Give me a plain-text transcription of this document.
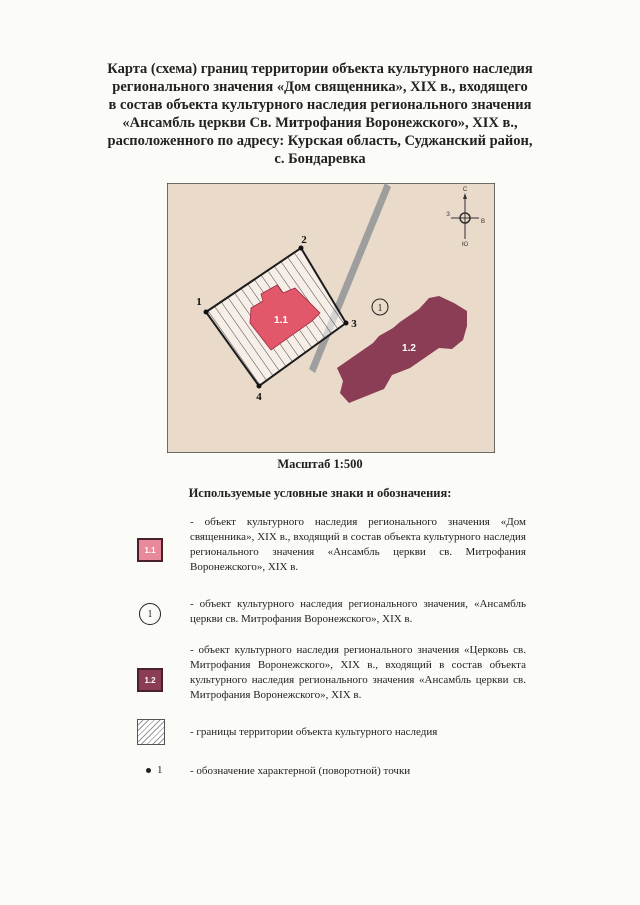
Карта (схема) границ территории объекта культурного наследия
регионального значения «Дом священника», XIX в., входящего
в состав объекта культурного наследия регионального значения
«Ансамбль церкви Св. Митрофания Воронежского», XIX в.,
расположенного по адресу: Курская область, Суджанский район,
с. Бондаревка
1.1
1.2
1
1
2
3
4
С
Ю
З
В
Масштаб 1:500
Используемые условные знаки и обозначения:
1.1
- объект культурного наследия регионального значения «Дом священника», XIX в., входящий в состав объекта культурного наследия регионального значения «Ансамбль церкви св. Митрофания Воронежского», XIX в.
1
- объект культурного наследия регионального значения, «Ансамбль церкви св. Митрофания Воронежского», XIX в.
1.2
- объект культурного наследия регионального значения «Церковь св. Митрофания Воронежского», XIX в., входящий в состав объекта культурного наследия регионального значения «Ансамбль церкви св. Митрофания Воронежского», XIX в.
- границы территории объекта культурного наследия
1	- обозначение характерной (поворотной) точки
